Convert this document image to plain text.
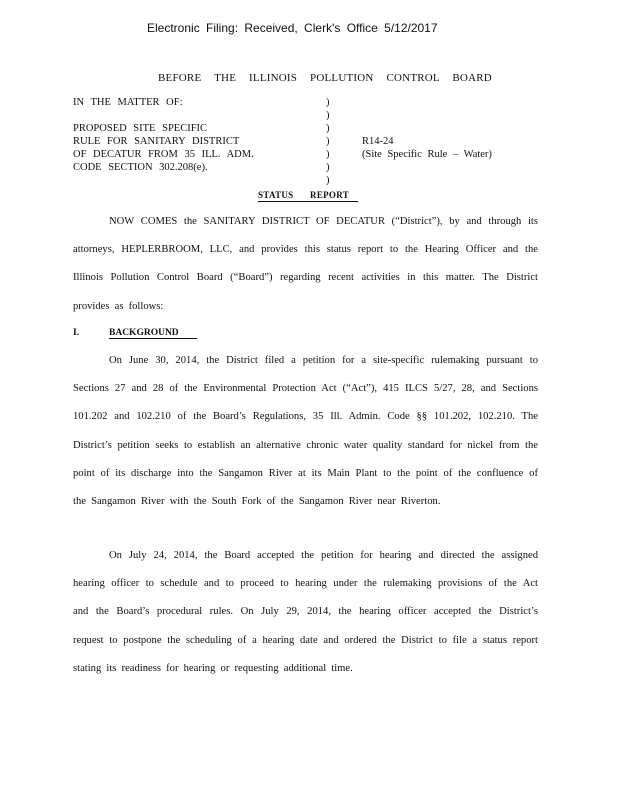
Electronic Filing: Received, Clerk's Office 5/12/2017
BEFORE THE ILLINOIS POLLUTION CONTROL BOARD
IN THE MATTER OF:
PROPOSED SITE SPECIFIC
RULE FOR SANITARY DISTRICT
OF DECATUR FROM 35 ILL. ADM.
CODE SECTION 302.208(e).
)
)
)
)
)
)
)
R14-24
(Site Specific Rule – Water)
STATUS REPORT
NOW COMES the SANITARY DISTRICT OF DECATUR (“District”), by and through its attorneys, HEPLERBROOM, LLC, and provides this status report to the Hearing Officer and the Illinois Pollution Control Board (“Board”) regarding recent activities in this matter. The District provides as follows:
I.	BACKGROUND
On June 30, 2014, the District filed a petition for a site-specific rulemaking pursuant to Sections 27 and 28 of the Environmental Protection Act (“Act”), 415 ILCS 5/27, 28, and Sections 101.202 and 102.210 of the Board’s Regulations, 35 Ill. Admin. Code §§ 101.202, 102.210. The District’s petition seeks to establish an alternative chronic water quality standard for nickel from the point of its discharge into the Sangamon River at its Main Plant to the point of the confluence of the Sangamon River with the South Fork of the Sangamon River near Riverton.
On July 24, 2014, the Board accepted the petition for hearing and directed the assigned hearing officer to schedule and to proceed to hearing under the rulemaking provisions of the Act and the Board’s procedural rules. On July 29, 2014, the hearing officer accepted the District’s request to postpone the scheduling of a hearing date and ordered the District to file a status report stating its readiness for hearing or requesting additional time.
